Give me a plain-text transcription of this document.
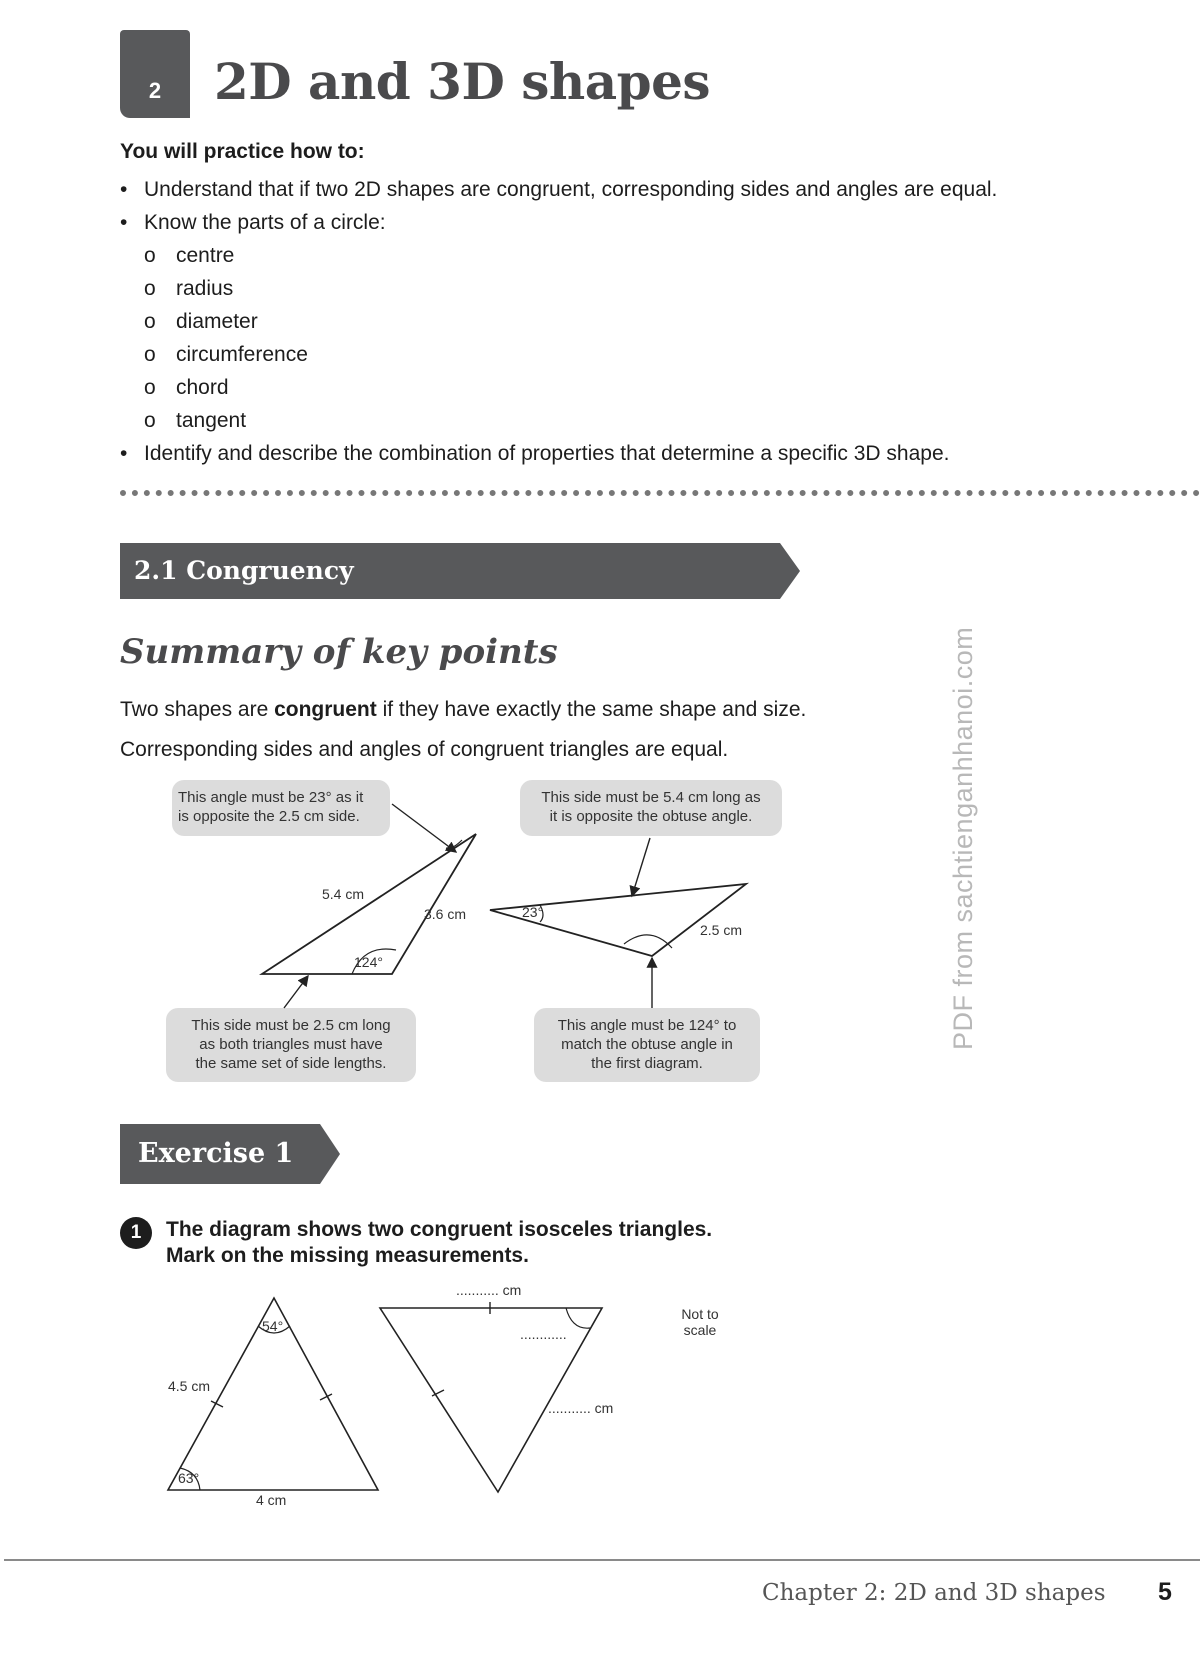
2	2D and 3D shapes
You will practice how to:
• Understand that if two 2D shapes are congruent, corresponding sides and angles are equal.
• Know the parts of a circle:
o centre
o radius
o diameter
o circumference
o chord
o tangent
• Identify and describe the combination of properties that determine a specific 3D shape.
2.1 Congruency
Summary of key points
Two shapes are congruent if they have exactly the same shape and size.
Corresponding sides and angles of congruent triangles are equal.	PDF from sachtienganhhanoi.com
This angle must be 23° as it
is opposite the 2.5 cm side.
This side must be 5.4 cm long as
it is opposite the obtuse angle.
This side must be 2.5 cm long
as both triangles must have
the same set of side lengths.
This angle must be 124° to
match the obtuse angle in
the first diagram.
5.4 cm
3.6 cm
124°
23°
2.5 cm
Exercise 1
1	The diagram shows two congruent isosceles triangles.
Mark on the missing measurements.
54°
4.5 cm
63°
4 cm
........... cm
............
........... cm
Not to
scale
Chapter 2: 2D and 3D shapes 5
